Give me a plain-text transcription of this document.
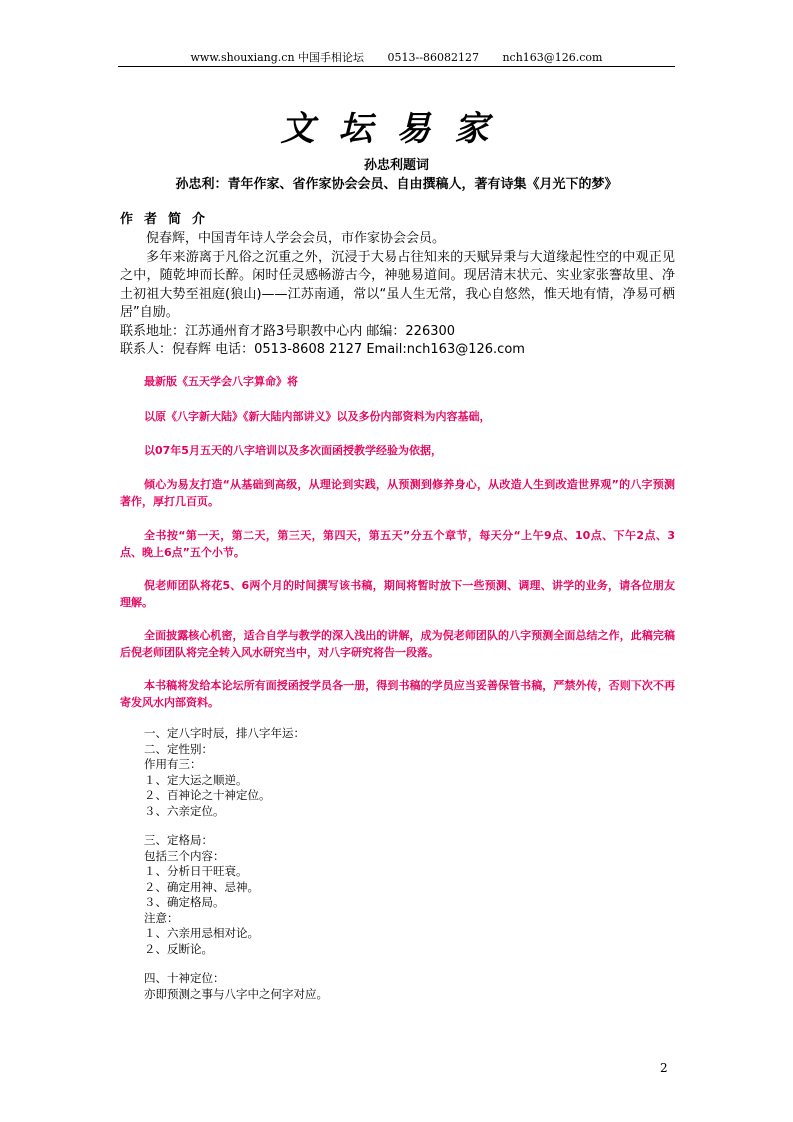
www.shouxiang.cn 中国手相论坛 0513--86082127 nch163@126.com
文坛易家
孙忠利题词
孙忠利：青年作家、省作家协会会员、自由撰稿人，著有诗集《月光下的梦》
作者简介

倪春辉，中国青年诗人学会会员，市作家协会会员。

多年来游离于凡俗之沉重之外，沉浸于大易占往知来的天赋异秉与大道缘起性空的中观正见之中，随乾坤而长醉。闲时任灵感畅游古今，神驰易道间。现居清末状元、实业家张謇故里、净土初祖大势至祖庭(狼山)——江苏南通，常以“虽人生无常，我心自悠然，惟天地有情，净易可栖居”自励。

联系地址：江苏通州育才路3号职教中心内 邮编：226300

联系人：倪春辉 电话：0513-8608 2127 Email:nch163@126.com

最新版《五天学会八字算命》将

以原《八字新大陆》《新大陆内部讲义》以及多份内部资料为内容基础，

以07年5月五天的八字培训以及多次面函授教学经验为依据，

倾心为易友打造“从基础到高级，从理论到实践，从预测到修养身心，从改造人生到改造世界观”的八字预测著作，厚打几百页。

全书按“第一天，第二天，第三天，第四天，第五天”分五个章节，每天分“上午9点、10点、下午2点、3点、晚上6点”五个小节。

倪老师团队将花5、6两个月的时间撰写该书稿，期间将暂时放下一些预测、调理、讲学的业务，请各位朋友理解。

全面披露核心机密，适合自学与教学的深入浅出的讲解，成为倪老师团队的八字预测全面总结之作，此稿完稿后倪老师团队将完全转入风水研究当中，对八字研究将告一段落。

本书稿将发给本论坛所有面授函授学员各一册，得到书稿的学员应当妥善保管书稿，严禁外传，否则下次不再寄发风水内部资料。

一、定八字时辰，排八字年运：
二、定性别：
作用有三：
１、定大运之顺逆。
２、百神论之十神定位。
３、六亲定位。
三、定格局：
包括三个内容：
１、分析日干旺衰。
２、确定用神、忌神。
３、确定格局。
注意：
１、六亲用忌相对论。
２、反断论。
四、十神定位：
亦即预测之事与八字中之何字对应。
2
